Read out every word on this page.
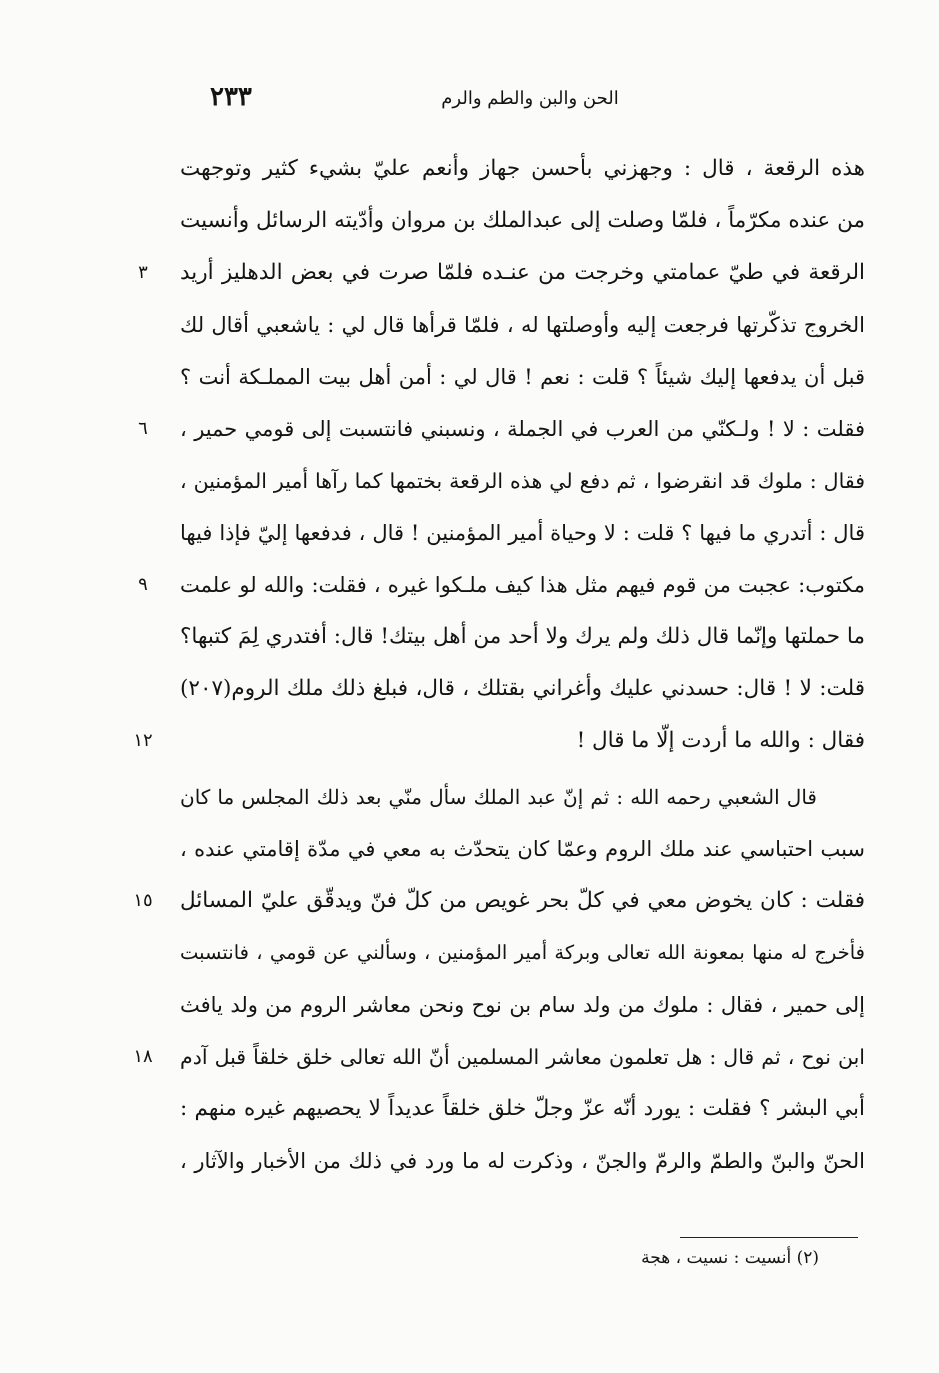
٢٣٣	الحن والبن والطم والرم
هذه الرقعة ، قال : وجهزني بأحسن جهاز وأنعم عليّ بشيء كثير وتوجهت
من عنده مكرّماً ، فلمّا وصلت إلى عبدالملك بن مروان وأدّيته الرسائل وأنسيت
الرقعة في طيّ عمامتي وخرجت من عنـده فلمّا صرت في بعض الدهليز أريد
الخروج تذكّرتها فرجعت إليه وأوصلتها له ، فلمّا قرأها قال لي : ياشعبي أقال لك
قبل أن يدفعها إليك شيئاً ؟ قلت : نعم ! قال لي : أمن أهل بيت المملـكة أنت ؟
فقلت : لا ! ولـكنّي من العرب في الجملة ، ونسبني فانتسبت إلى قومي حمير ،
فقال : ملوك قد انقرضوا ، ثم دفع لي هذه الرقعة بختمها كما رآها أمير المؤمنين ،
قال : أتدري ما فيها ؟ قلت : لا وحياة أمير المؤمنين ! قال ، فدفعها إليّ فإذا فيها
مكتوب: عجبت من قوم فيهم مثل هذا كيف ملـكوا غيره ، فقلت: والله لو علمت
ما حملتها وإنّما قال ذلك ولم يرك ولا أحد من أهل بيتك! قال: أفتدري لِمَ كتبها؟
قلت: لا ! قال: حسدني عليك وأغراني بقتلك ، قال، فبلغ ذلك ملك الروم(٢٠٧)
فقال : والله ما أردت إلّا ما قال !
قال الشعبي رحمه الله : ثم إنّ عبد الملك سأل منّي بعد ذلك المجلس ما كان
سبب احتباسي عند ملك الروم وعمّا كان يتحدّث به معي في مدّة إقامتي عنده ،
فقلت : كان يخوض معي في كلّ بحر غويص من كلّ فنّ ويدقّق عليّ المسائل
فأخرج له منها بمعونة الله تعالى وبركة أمير المؤمنين ، وسألني عن قومي ، فانتسبت
إلى حمير ، فقال : ملوك من ولد سام بن نوح ونحن معاشر الروم من ولد يافث
ابن نوح ، ثم قال : هل تعلمون معاشر المسلمين أنّ الله تعالى خلق خلقاً قبل آدم
أبي البشر ؟ فقلت : يورد أنّه عزّ وجلّ خلق خلقاً عديداً لا يحصيهم غيره منهم :
الحنّ والبنّ والطمّ والرمّ والجنّ ، وذكرت له ما ورد في ذلك من الأخبار والآثار ،
٣
٦
٩
١٢
١٥
١٨
(٢) أنسيت : نسيت ، هجة
